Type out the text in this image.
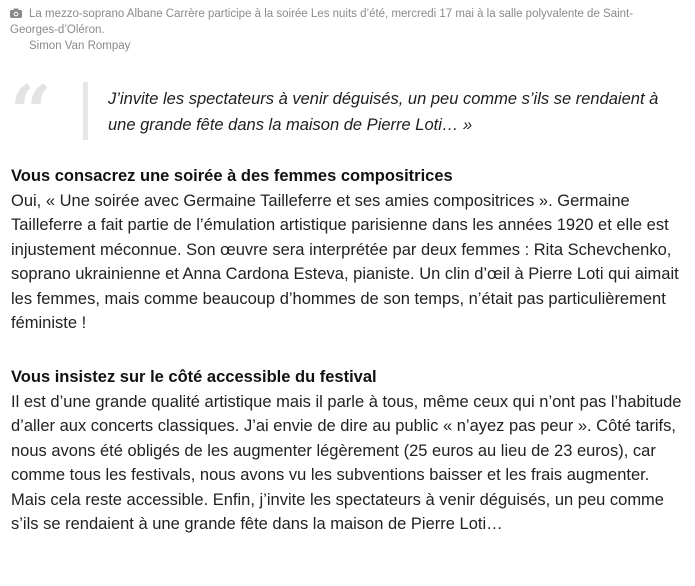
La mezzo-soprano Albane Carrère participe à la soirée Les nuits d’été, mercredi 17 mai à la salle polyvalente de Saint-Georges-d’Oléron.
Simon Van Rompay
“	J’invite les spectateurs à venir déguisés, un peu comme s’ils se rendaient à une grande fête dans la maison de Pierre Loti… »
Vous consacrez une soirée à des femmes compositrices

Oui, « Une soirée avec Germaine Tailleferre et ses amies compositrices ». Germaine Tailleferre a fait partie de l’émulation artistique parisienne dans les années 1920 et elle est injustement méconnue. Son œuvre sera interprétée par deux femmes : Rita Schevchenko, soprano ukrainienne et Anna Cardona Esteva, pianiste. Un clin d’œil à Pierre Loti qui aimait les femmes, mais comme beaucoup d’hommes de son temps, n’était pas particulièrement féministe !

Vous insistez sur le côté accessible du festival

Il est d’une grande qualité artistique mais il parle à tous, même ceux qui n’ont pas l’habitude d’aller aux concerts classiques. J’ai envie de dire au public « n’ayez pas peur ». Côté tarifs, nous avons été obligés de les augmenter légèrement (25 euros au lieu de 23 euros), car comme tous les festivals, nous avons vu les subventions baisser et les frais augmenter. Mais cela reste accessible. Enfin, j’invite les spectateurs à venir déguisés, un peu comme s’ils se rendaient à une grande fête dans la maison de Pierre Loti…
